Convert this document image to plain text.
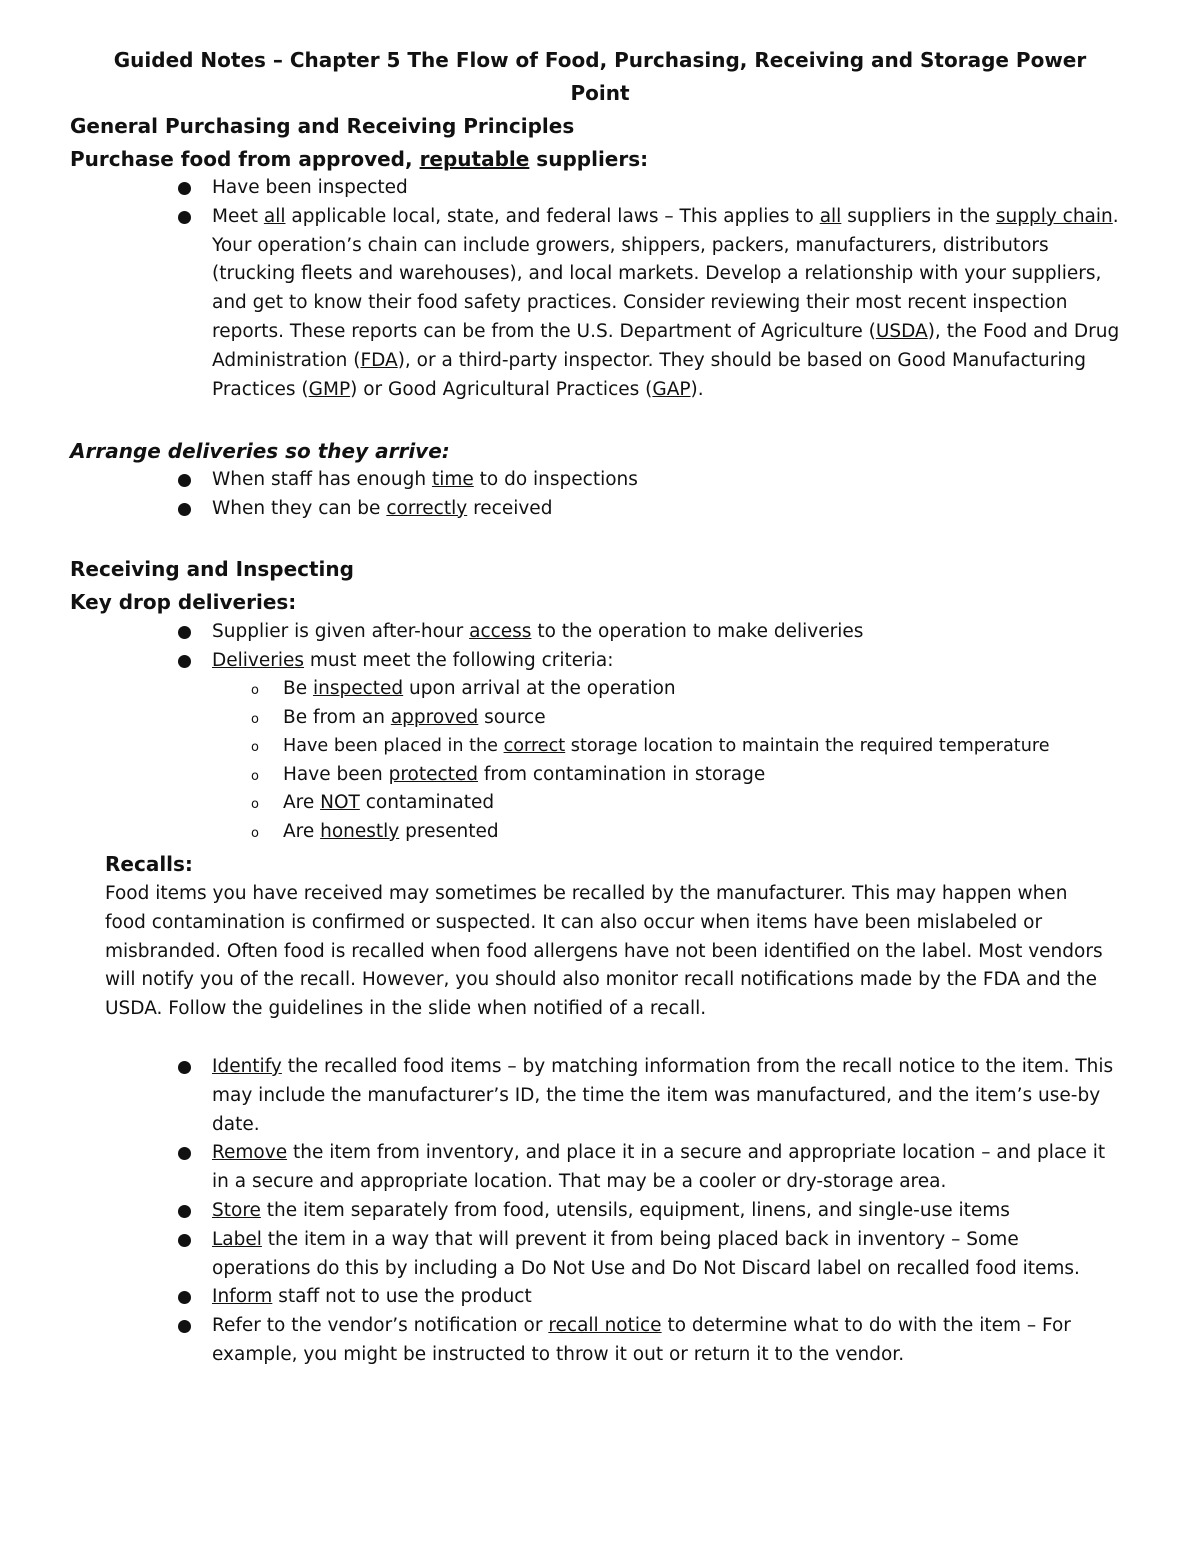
Guided Notes – Chapter 5 The Flow of Food, Purchasing, Receiving and Storage Power Point
General Purchasing and Receiving Principles
Purchase food from approved, reputable suppliers:
Have been inspected
Meet all applicable local, state, and federal laws – This applies to all suppliers in the supply chain. Your operation’s chain can include growers, shippers, packers, manufacturers, distributors (trucking fleets and warehouses), and local markets. Develop a relationship with your suppliers, and get to know their food safety practices. Consider reviewing their most recent inspection reports. These reports can be from the U.S. Department of Agriculture (USDA), the Food and Drug Administration (FDA), or a third-party inspector. They should be based on Good Manufacturing Practices (GMP) or Good Agricultural Practices (GAP).
Arrange deliveries so they arrive:
When staff has enough time to do inspections
When they can be correctly received
Receiving and Inspecting
Key drop deliveries:
Supplier is given after-hour access to the operation to make deliveries
Deliveries must meet the following criteria:
o Be inspected upon arrival at the operation
o Be from an approved source
o Have been placed in the correct storage location to maintain the required temperature
o Have been protected from contamination in storage
o Are NOT contaminated
o Are honestly presented
Recalls:
Food items you have received may sometimes be recalled by the manufacturer. This may happen when food contamination is confirmed or suspected. It can also occur when items have been mislabeled or misbranded. Often food is recalled when food allergens have not been identified on the label. Most vendors will notify you of the recall. However, you should also monitor recall notifications made by the FDA and the USDA. Follow the guidelines in the slide when notified of a recall.
Identify the recalled food items – by matching information from the recall notice to the item. This may include the manufacturer’s ID, the time the item was manufactured, and the item’s use-by date.
Remove the item from inventory, and place it in a secure and appropriate location – and place it in a secure and appropriate location. That may be a cooler or dry-storage area.
Store the item separately from food, utensils, equipment, linens, and single-use items
Label the item in a way that will prevent it from being placed back in inventory – Some operations do this by including a Do Not Use and Do Not Discard label on recalled food items.
Inform staff not to use the product
Refer to the vendor’s notification or recall notice to determine what to do with the item – For example, you might be instructed to throw it out or return it to the vendor.
